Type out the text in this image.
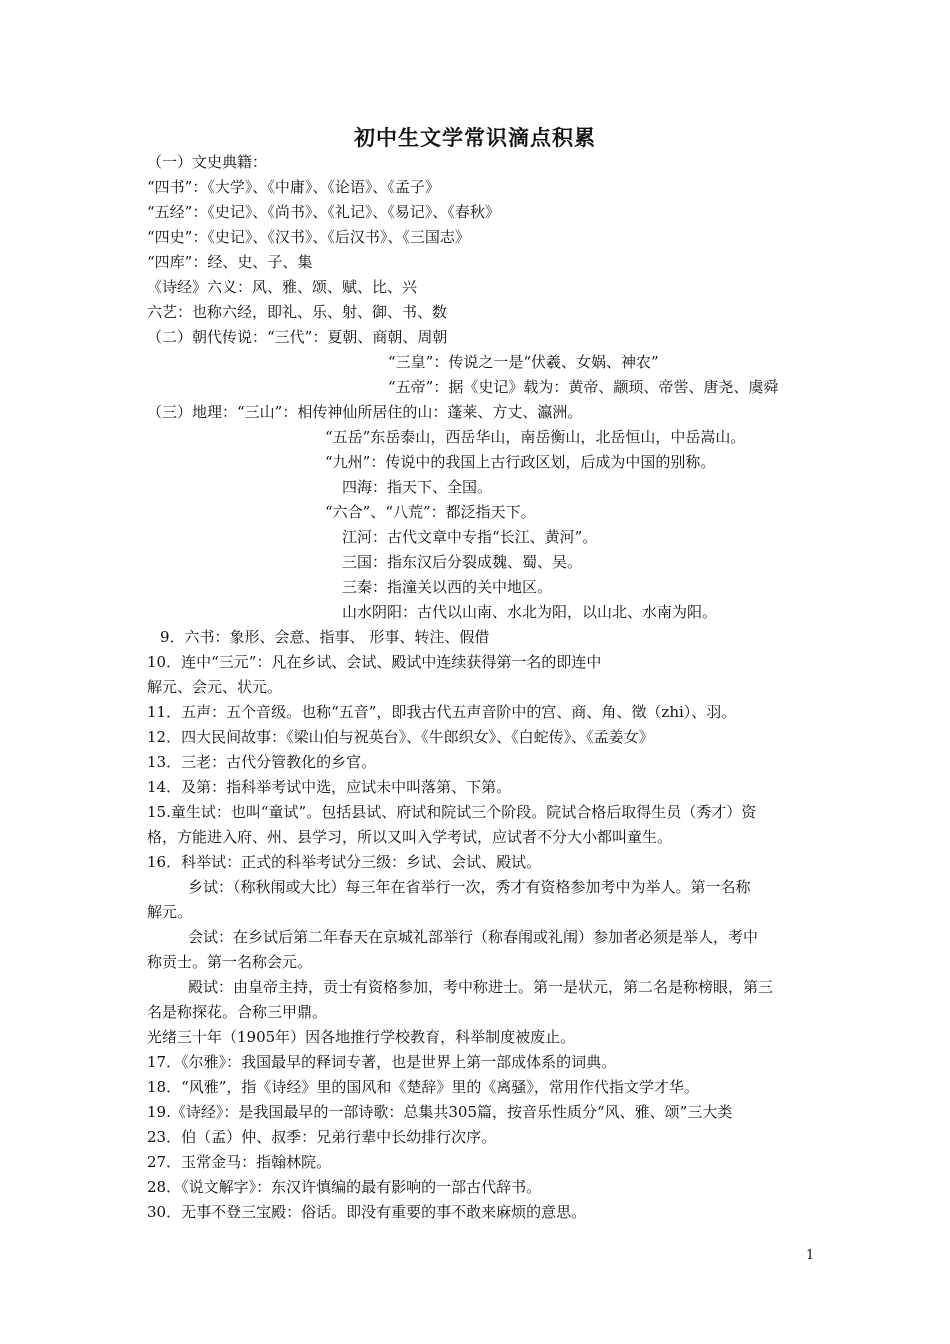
初中生文学常识滴点积累
（一）文史典籍：
“四书”：《大学》、《中庸》、《论语》、《孟子》
“五经”：《史记》、《尚书》、《礼记》、《易记》、《春秋》
“四史”：《史记》、《汉书》、《后汉书》、《三国志》
“四库”：经、史、子、集
《诗经》六义：风、雅、颂、赋、比、兴
六艺：也称六经，即礼、乐、射、御、书、数
（二）朝代传说：“三代”：夏朝、商朝、周朝
“三皇”：传说之一是“伏羲、女娲、神农”
“五帝”：据《史记》载为：黄帝、颛顼、帝喾、唐尧、虞舜
（三）地理：“三山”：相传神仙所居住的山：蓬莱、方丈、瀛洲。
“五岳”东岳泰山，西岳华山，南岳衡山，北岳恒山，中岳嵩山。
“九州”：传说中的我国上古行政区划，后成为中国的别称。
四海：指天下、全国。
“六合”、“八荒”：都泛指天下。
江河：古代文章中专指“长江、黄河”。
三国：指东汉后分裂成魏、蜀、吴。
三秦：指潼关以西的关中地区。
山水阴阳：古代以山南、水北为阳，以山北、水南为阳。
9．六书：象形、会意、指事、 形事、转注、假借
10．连中“三元”：凡在乡试、会试、殿试中连续获得第一名的即连中
解元、会元、状元。
11．五声：五个音级。也称“五音”，即我古代五声音阶中的宫、商、角、徵（zhi）、羽。
12．四大民间故事：《梁山伯与祝英台》、《牛郎织女》、《白蛇传》、《孟姜女》
13．三老：古代分管教化的乡官。
14．及第：指科举考试中选，应试未中叫落第、下第。
15.童生试：也叫“童试”。包括县试、府试和院试三个阶段。院试合格后取得生员（秀才）资
格，方能进入府、州、县学习，所以又叫入学考试，应试者不分大小都叫童生。
16．科举试：正式的科举考试分三级：乡试、会试、殿试。
乡试：（称秋闱或大比）每三年在省举行一次，秀才有资格参加考中为举人。第一名称
解元。
会试：在乡试后第二年春天在京城礼部举行（称春闱或礼闱）参加者必须是举人，考中
称贡士。第一名称会元。
殿试：由皇帝主持，贡士有资格参加，考中称进士。第一是状元，第二名是称榜眼，第三
名是称探花。合称三甲鼎。
光绪三十年（1905年）因各地推行学校教育，科举制度被废止。
17．《尔雅》：我国最早的释词专著，也是世界上第一部成体系的词典。
18．“风雅”，指《诗经》里的国风和《楚辞》里的《离骚》，常用作代指文学才华。
19.《诗经》：是我国最早的一部诗歌：总集共305篇，按音乐性质分“风、雅、颂”三大类
23．伯（孟）仲、叔季：兄弟行辈中长幼排行次序。
27．玉常金马：指翰林院。
28．《说文解字》：东汉许慎编的最有影响的一部古代辞书。
30．无事不登三宝殿：俗话。即没有重要的事不敢来麻烦的意思。
1
